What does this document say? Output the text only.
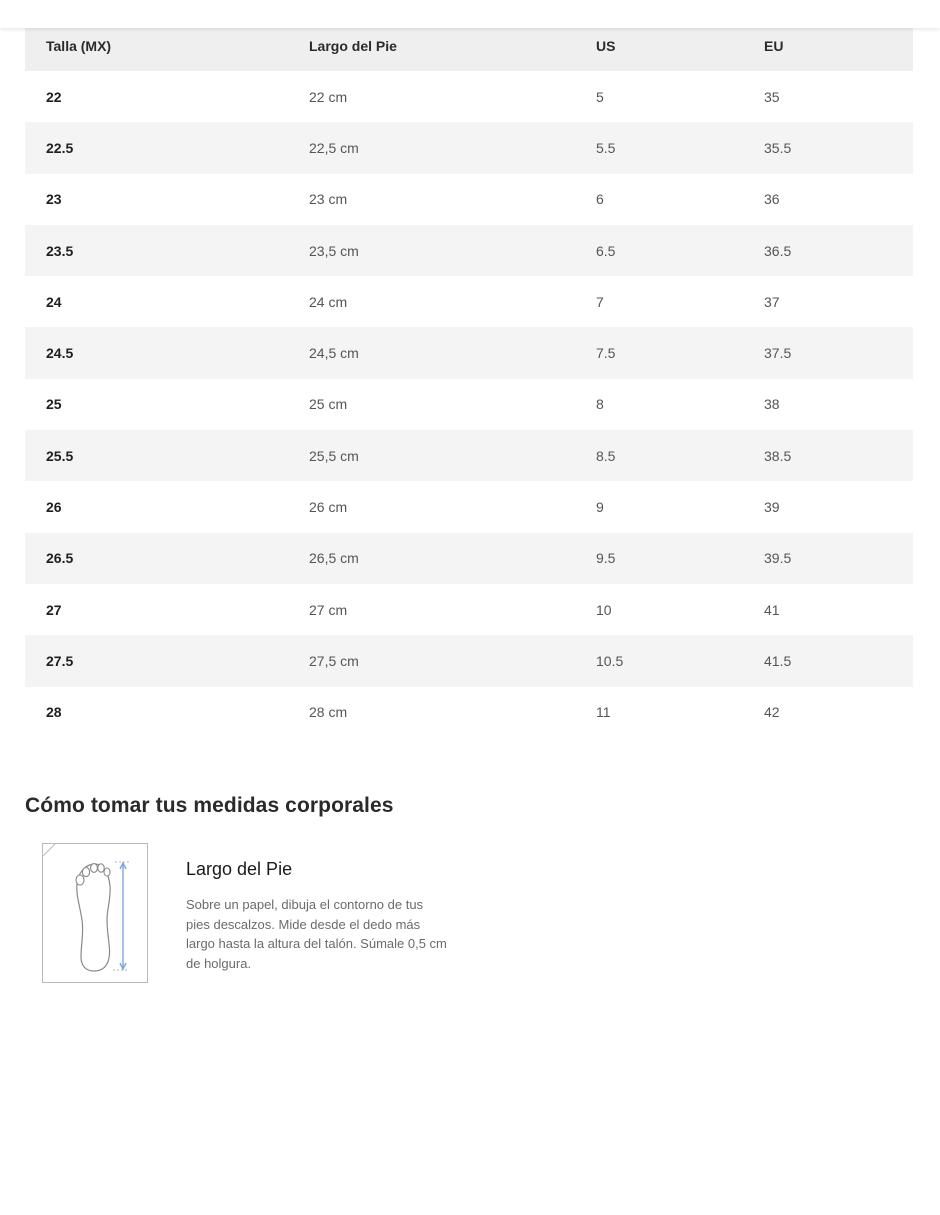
Talla (MX)	Largo del Pie	US	EU
22	22 cm	5	35
22.5	22,5 cm	5.5	35.5
23	23 cm	6	36
23.5	23,5 cm	6.5	36.5
24	24 cm	7	37
24.5	24,5 cm	7.5	37.5
25	25 cm	8	38
25.5	25,5 cm	8.5	38.5
26	26 cm	9	39
26.5	26,5 cm	9.5	39.5
27	27 cm	10	41
27.5	27,5 cm	10.5	41.5
28	28 cm	11	42
Cómo tomar tus medidas corporales
Largo del Pie

Sobre un papel, dibuja el contorno de tus pies descalzos. Mide desde el dedo más largo hasta la altura del talón. Súmale 0,5 cm de holgura.
